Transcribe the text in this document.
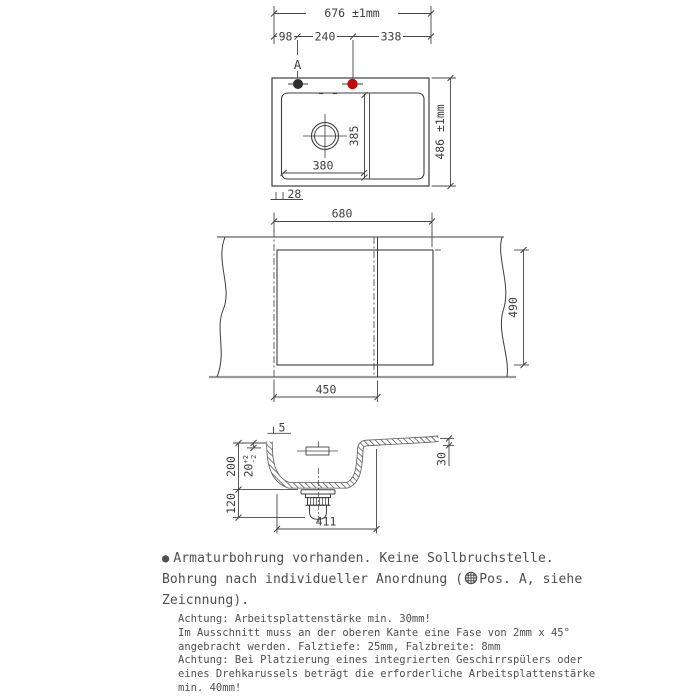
676 ±1mm
98 240	338
A
380
385	486 ±1mm
28
680
490
450
5
200 $20^{+2}-2$
120
30
411
● Armaturbohrung vorhanden. Keine Sollbruchstelle.
Bohrung nach individueller Anordnung ( Pos. A, siehe
Zeicnnung).
Achtung: Arbeitsplattenstärke min. 30mm!
Im Ausschnitt muss an der oberen Kante eine Fase von 2mm x 45°
angebracht werden. Falztiefe: 25mm, Falzbreite: 8mm
Achtung: Bei Platzierung eines integrierten Geschirrspülers oder
eines Drehkarussels beträgt die erforderliche Arbeitsplattenstärke
min. 40mm!
